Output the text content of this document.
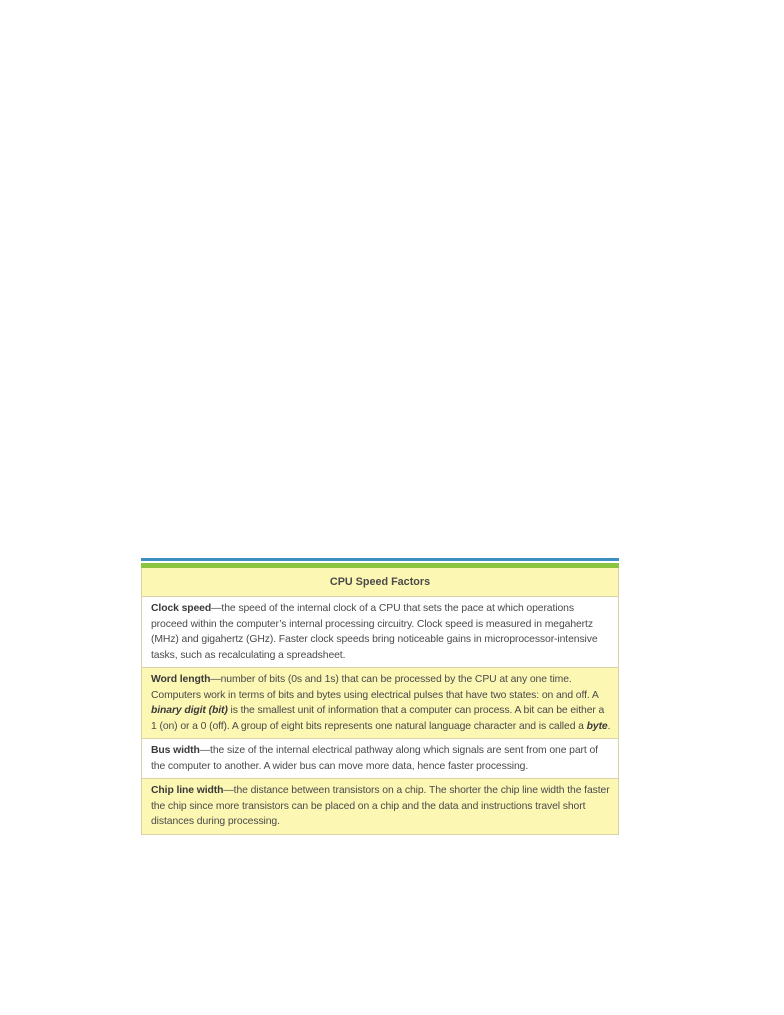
CPU Speed Factors
Clock speed—the speed of the internal clock of a CPU that sets the pace at which operations proceed within the computer’s internal processing circuitry. Clock speed is measured in megahertz (MHz) and gigahertz (GHz). Faster clock speeds bring noticeable gains in microprocessor-intensive tasks, such as recalculating a spreadsheet.
Word length—number of bits (0s and 1s) that can be processed by the CPU at any one time. Computers work in terms of bits and bytes using electrical pulses that have two states: on and off. A binary digit (bit) is the smallest unit of information that a computer can process. A bit can be either a 1 (on) or a 0 (off). A group of eight bits represents one natural language character and is called a byte.
Bus width—the size of the internal electrical pathway along which signals are sent from one part of the computer to another. A wider bus can move more data, hence faster processing.
Chip line width—the distance between transistors on a chip. The shorter the chip line width the faster the chip since more transistors can be placed on a chip and the data and instructions travel short distances during processing.
